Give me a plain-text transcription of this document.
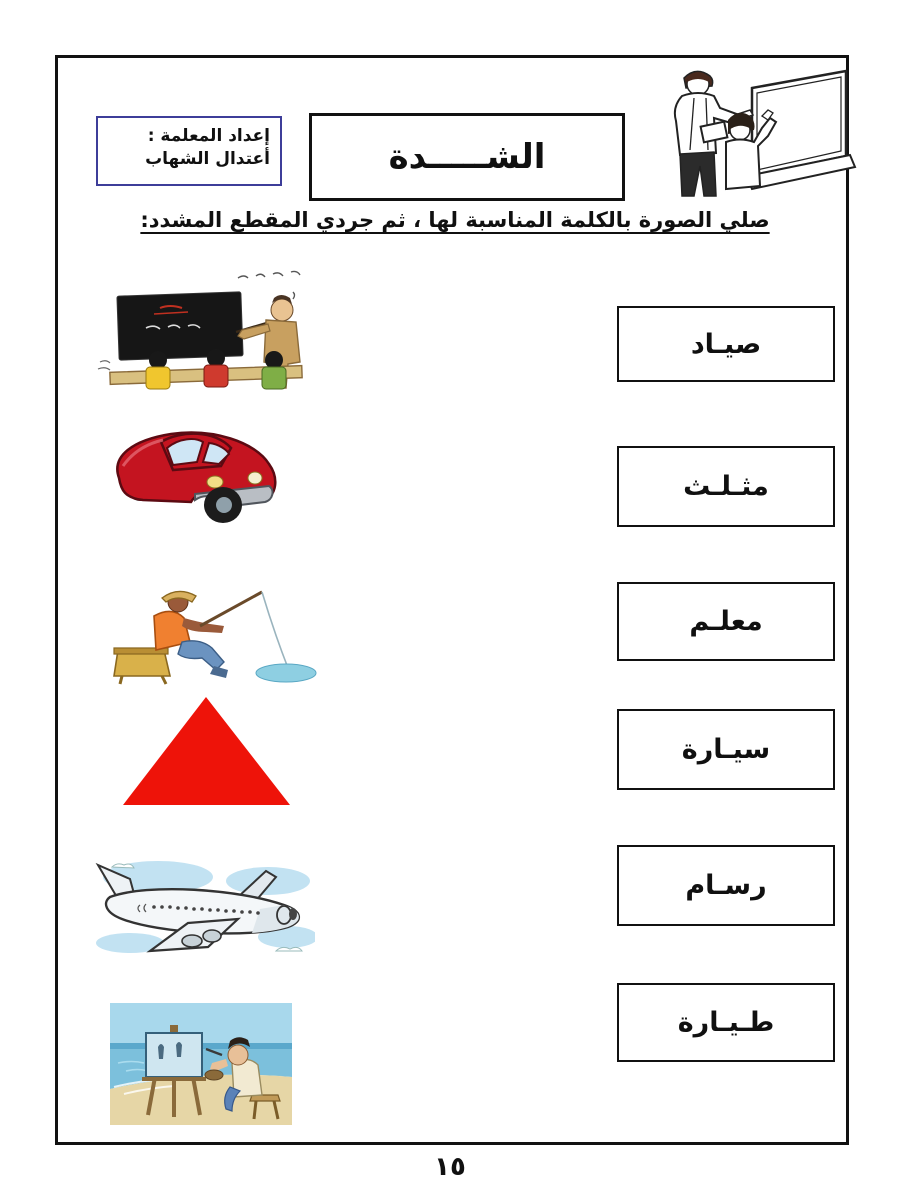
إعداد المعلمة :
أعتدال الشهاب	الشـــــدة
صلي الصورة بالكلمة المناسبة لها ، ثم جردي المقطع المشدد:
صيـاد
مثـلـث
معلـم
سيـارة
رسـام
طـيـارة
١٥
